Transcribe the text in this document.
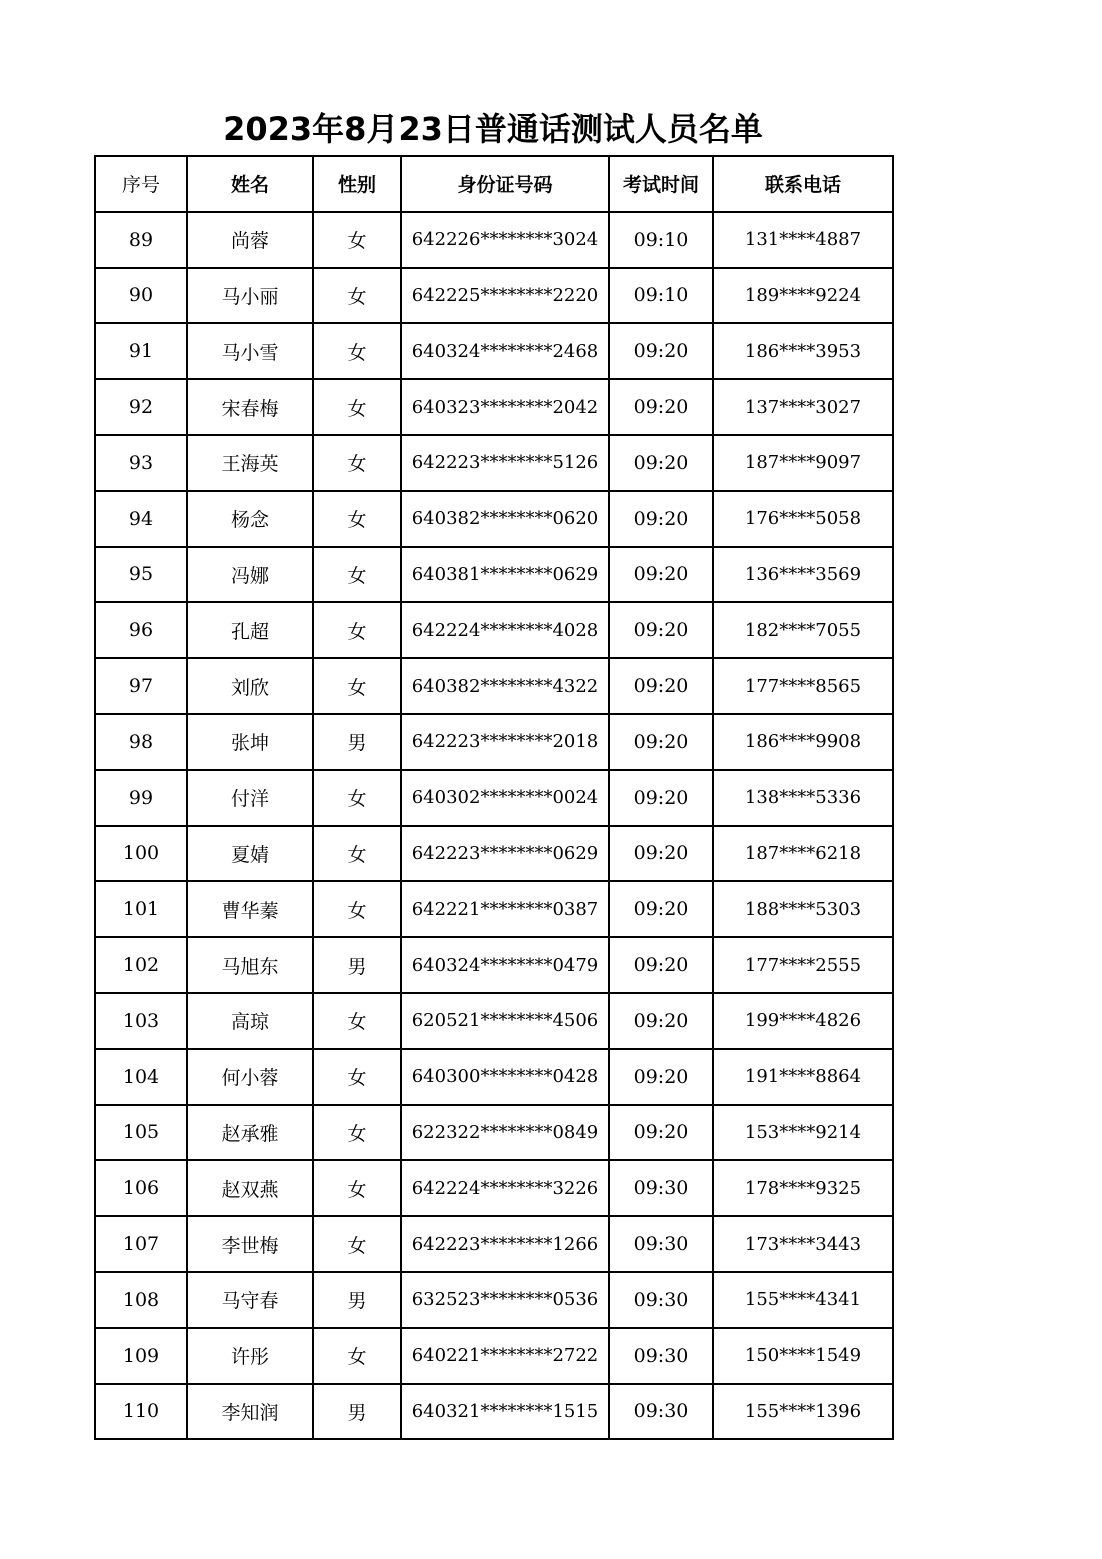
2023年8月23日普通话测试人员名单
序号	姓名	性别	身份证号码	考试时间	联系电话
89	尚蓉	女	642226********3024	09:10	131****4887
90	马小丽	女	642225********2220	09:10	189****9224
91	马小雪	女	640324********2468	09:20	186****3953
92	宋春梅	女	640323********2042	09:20	137****3027
93	王海英	女	642223********5126	09:20	187****9097
94	杨念	女	640382********0620	09:20	176****5058
95	冯娜	女	640381********0629	09:20	136****3569
96	孔超	女	642224********4028	09:20	182****7055
97	刘欣	女	640382********4322	09:20	177****8565
98	张坤	男	642223********2018	09:20	186****9908
99	付洋	女	640302********0024	09:20	138****5336
100	夏婧	女	642223********0629	09:20	187****6218
101	曹华蓁	女	642221********0387	09:20	188****5303
102	马旭东	男	640324********0479	09:20	177****2555
103	高琼	女	620521********4506	09:20	199****4826
104	何小蓉	女	640300********0428	09:20	191****8864
105	赵承雅	女	622322********0849	09:20	153****9214
106	赵双燕	女	642224********3226	09:30	178****9325
107	李世梅	女	642223********1266	09:30	173****3443
108	马守春	男	632523********0536	09:30	155****4341
109	许彤	女	640221********2722	09:30	150****1549
110	李知润	男	640321********1515	09:30	155****1396
